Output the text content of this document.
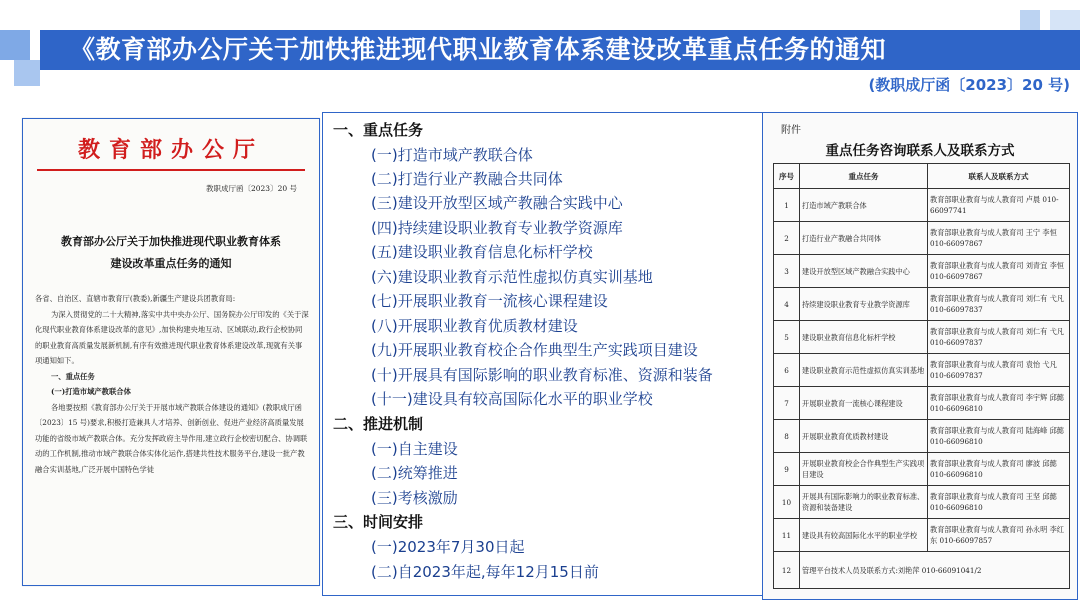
《教育部办公厅关于加快推进现代职业教育体系建设改革重点任务的通知
(教职成厅函〔2023〕20 号)
教育部办公厅
教职成厅函〔2023〕20 号
教育部办公厅关于加快推进现代职业教育体系
建设改革重点任务的通知

各省、自治区、直辖市教育厅(教委),新疆生产建设兵团教育局:

为深入贯彻党的二十大精神,落实中共中央办公厅、国务院办公厅印发的《关于深化现代职业教育体系建设改革的意见》,加快构建央地互动、区域联动,政行企校协同的职业教育高质量发展新机制,有序有效推进现代职业教育体系建设改革,现就有关事项通知如下。

一、重点任务

(一)打造市域产教联合体

各地要按照《教育部办公厅关于开展市域产教联合体建设的通知》(教职成厅函〔2023〕15 号)要求,积极打造兼具人才培养、创新创业、促进产业经济高质量发展功能的省级市域产教联合体。充分发挥政府主导作用,建立政行企校密切配合、协调联动的工作机制,推动市域产教联合体实体化运作,搭建共性技术服务平台,建设一批产教融合实训基地,广泛开展中国特色学徒

一、重点任务
(一)打造市域产教联合体
(二)打造行业产教融合共同体
(三)建设开放型区域产教融合实践中心
(四)持续建设职业教育专业教学资源库
(五)建设职业教育信息化标杆学校
(六)建设职业教育示范性虚拟仿真实训基地
(七)开展职业教育一流核心课程建设
(八)开展职业教育优质教材建设
(九)开展职业教育校企合作典型生产实践项目建设
(十)开展具有国际影响的职业教育标准、资源和装备
(十一)建设具有较高国际化水平的职业学校
二、推进机制
(一)自主建设
(二)统筹推进
(三)考核激励
三、时间安排
(一)2023年7月30日起
(二)自2023年起,每年12月15日前
附件
重点任务咨询联系人及联系方式
序号	重点任务	联系人及联系方式
1	打造市域产教联合体	教育部职业教育与成人教育司 卢晨 010-66097741
2	打造行业产教融合共同体	教育部职业教育与成人教育司 王宁 李恒 010-66097867
3	建设开放型区域产教融合实践中心	教育部职业教育与成人教育司 刘青宜 李恒 010-66097867
4	持续建设职业教育专业教学资源库	教育部职业教育与成人教育司 刘仁有 弋凡 010-66097837
5	建设职业教育信息化标杆学校	教育部职业教育与成人教育司 刘仁有 弋凡 010-66097837
6	建设职业教育示范性虚拟仿真实训基地	教育部职业教育与成人教育司 袁怡 弋凡 010-66097837
7	开展职业教育一流核心课程建设	教育部职业教育与成人教育司 李宇辉 邱懿 010-66096810
8	开展职业教育优质教材建设	教育部职业教育与成人教育司 陆海峰 邱懿 010-66096810
9	开展职业教育校企合作典型生产实践项目建设	教育部职业教育与成人教育司 廖波 邱懿 010-66096810
10	开展具有国际影响力的职业教育标准、资源和装备建设	教育部职业教育与成人教育司 王坚 邱懿 010-66096810
11	建设具有较高国际化水平的职业学校	教育部职业教育与成人教育司 孙永明 李红东 010-66097857
12	管理平台技术人员及联系方式:刘艳萍 010-66091041/2	
